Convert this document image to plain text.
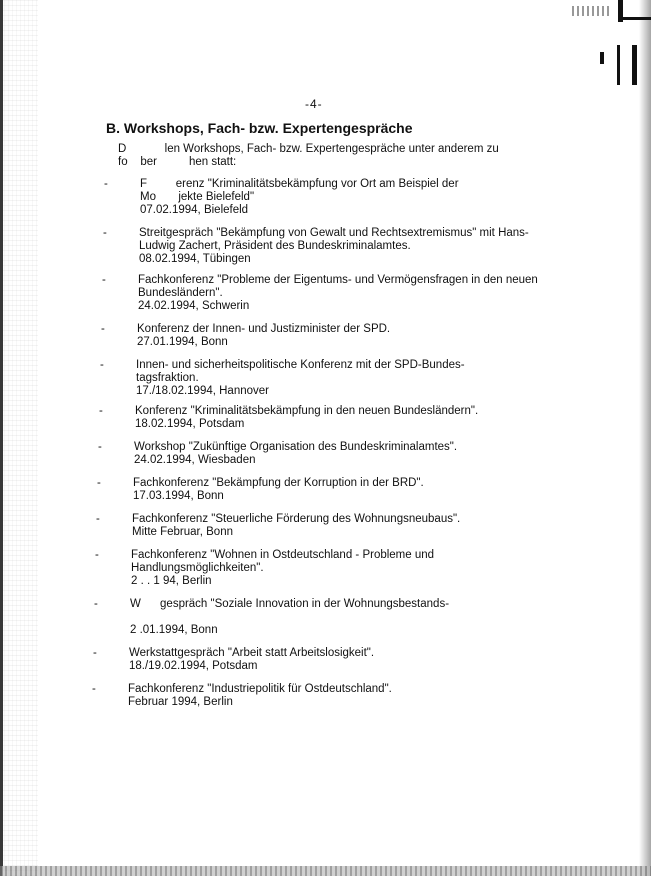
-4-
B. Workshops, Fach- bzw. Expertengespräche
D            len Workshops, Fach- bzw. Expertengespräche unter anderem zu
fo    ber          hen statt:
-	F         erenz "Kriminalitätsbekämpfung vor Ort am Beispiel der

Mo       jekte Bielefeld"

07.02.1994, Bielefeld

-	Streitgespräch "Bekämpfung von Gewalt und Rechtsextremismus" mit Hans-

Ludwig Zachert, Präsident des Bundeskriminalamtes.

08.02.1994, Tübingen

-	Fachkonferenz "Probleme der Eigentums- und Vermögensfragen in den neuen

Bundesländern".

24.02.1994, Schwerin

-	Konferenz der Innen- und Justizminister der SPD.

27.01.1994, Bonn

-	Innen- und sicherheitspolitische Konferenz mit der SPD-Bundes-

tagsfraktion.

17./18.02.1994, Hannover

-	Konferenz "Kriminalitätsbekämpfung in den neuen Bundesländern".

18.02.1994, Potsdam

-	Workshop "Zukünftige Organisation des Bundeskriminalamtes".

24.02.1994, Wiesbaden

-	Fachkonferenz "Bekämpfung der Korruption in der BRD".

17.03.1994, Bonn

-	Fachkonferenz "Steuerliche Förderung des Wohnungsneubaus".

Mitte Februar, Bonn

-	Fachkonferenz "Wohnen in Ostdeutschland - Probleme und

Handlungsmöglichkeiten".

2 . . 1 94, Berlin

-	W      gespräch "Soziale Innovation in der Wohnungsbestands-

2 .01.1994, Bonn

-	Werkstattgespräch "Arbeit statt Arbeitslosigkeit".

18./19.02.1994, Potsdam

-	Fachkonferenz "Industriepolitik für Ostdeutschland".

Februar 1994, Berlin
